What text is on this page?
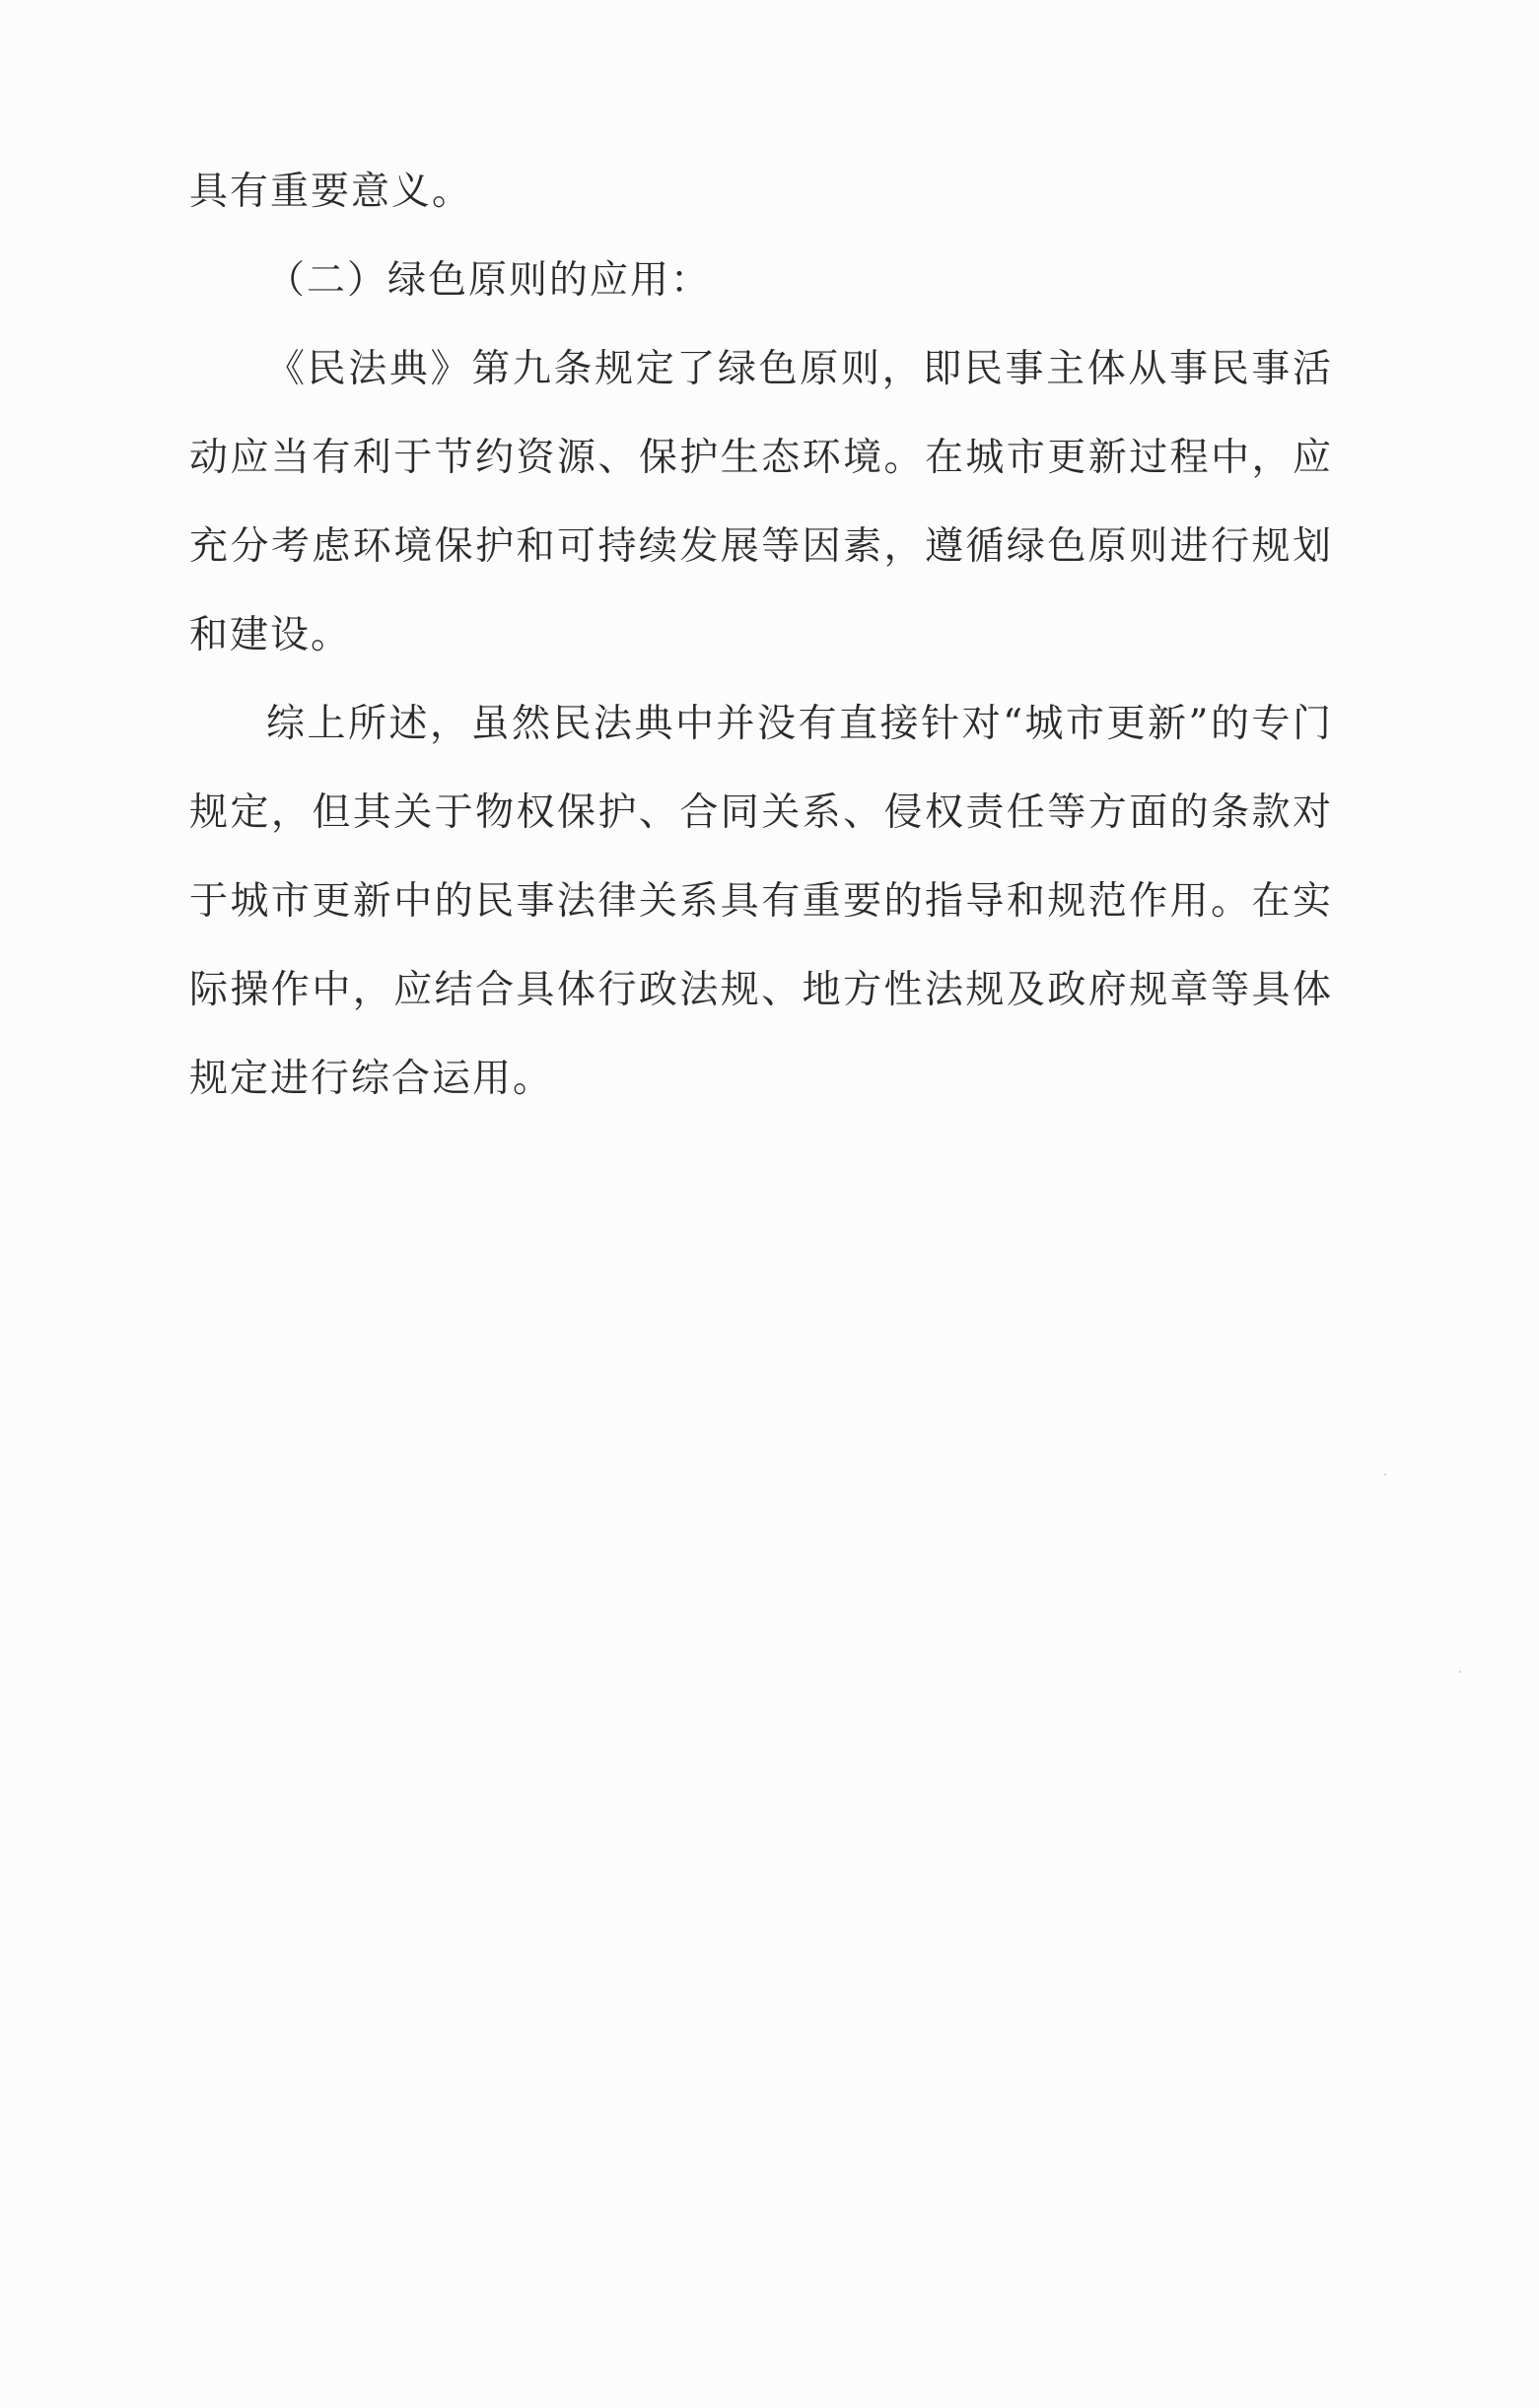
具有重要意义。

（二）绿色原则的应用：

《民法典》第九条规定了绿色原则，即民事主体从事民事活动应当有利于节约资源、保护生态环境。在城市更新过程中，应充分考虑环境保护和可持续发展等因素，遵循绿色原则进行规划和建设。

综上所述，虽然民法典中并没有直接针对“城市更新”的专门规定，但其关于物权保护、合同关系、侵权责任等方面的条款对于城市更新中的民事法律关系具有重要的指导和规范作用。在实际操作中，应结合具体行政法规、地方性法规及政府规章等具体规定进行综合运用。
